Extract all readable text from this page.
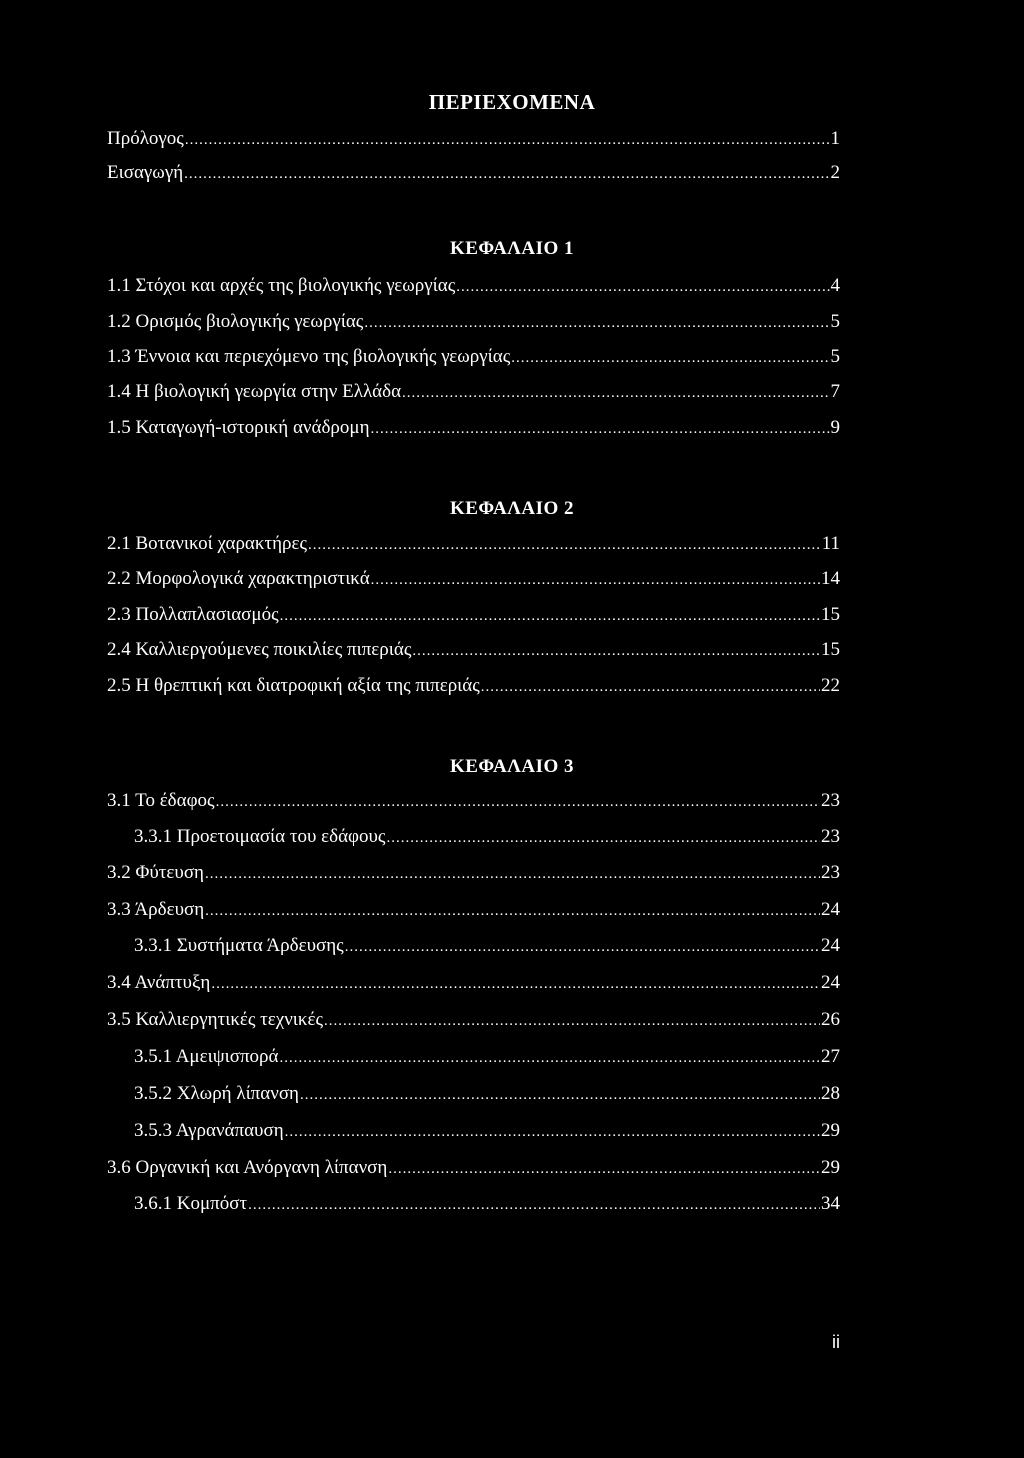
ΠΕΡΙΕΧΟΜΕΝΑ
Πρόλογος .....	1
Εισαγωγή .....	2
ΚΕΦΑΛΑΙΟ 1
1.1 Στόχοι και αρχές της βιολογικής γεωργίας .....	4
1.2 Ορισμός βιολογικής γεωργίας .....	5
1.3 Έννοια και περιεχόμενο της βιολογικής γεωργίας .....	5
1.4 Η βιολογική γεωργία στην Ελλάδα .....	7
1.5 Καταγωγή-ιστορική ανάδρομη .....	9
ΚΕΦΑΛΑΙΟ 2
2.1 Βοτανικοί χαρακτήρες .....	11
2.2 Μορφολογικά χαρακτηριστικά .....	14
2.3 Πολλαπλασιασμός .....	15
2.4 Καλλιεργούμενες ποικιλίες πιπεριάς .....	15
2.5 Η θρεπτική και διατροφική αξία της πιπεριάς .....	22
ΚΕΦΑΛΑΙΟ 3
3.1 Το έδαφος .....	23
3.3.1 Προετοιμασία του εδάφους .....	23
3.2 Φύτευση .....	23
3.3 Άρδευση .....	24
3.3.1 Συστήματα Άρδευσης .....	24
3.4 Ανάπτυξη .....	24
3.5 Καλλιεργητικές τεχνικές .....	26
3.5.1 Αμειψισπορά .....	27
3.5.2 Χλωρή λίπανση .....	28
3.5.3 Αγρανάπαυση .....	29
3.6 Οργανική και Ανόργανη λίπανση .....	29
3.6.1 Κομπόστ .....	34
ii
